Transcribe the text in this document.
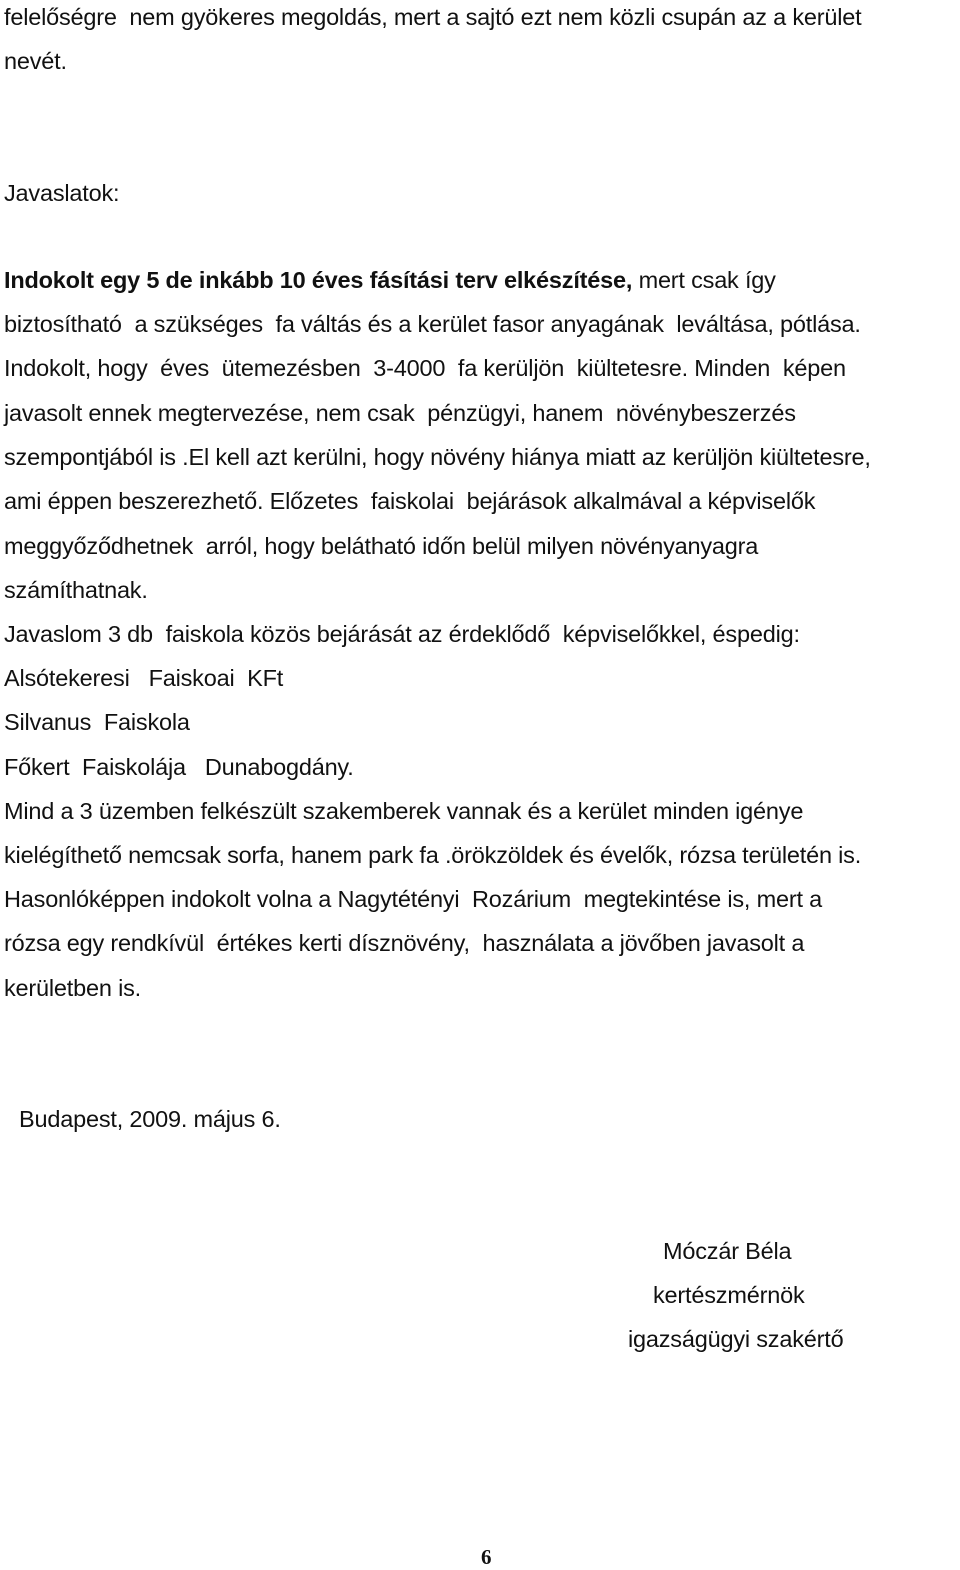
felelőségre  nem gyökeres megoldás, mert a sajtó ezt nem közli csupán az a kerület
nevét.
Javaslatok:
Indokolt egy 5 de inkább 10 éves fásítási terv elkészítése, mert csak így
biztosítható  a szükséges  fa váltás és a kerület fasor anyagának  leváltása, pótlása.
Indokolt, hogy  éves  ütemezésben  3-4000  fa kerüljön  kiültetesre. Minden  képen
javasolt ennek megtervezése, nem csak  pénzügyi, hanem  növénybeszerzés
szempontjából is .El kell azt kerülni, hogy növény hiánya miatt az kerüljön kiültetesre,
ami éppen beszerezhető. Előzetes  faiskolai  bejárások alkalmával a képviselők
meggyőződhetnek  arról, hogy belátható időn belül milyen növényanyagra
számíthatnak.
Javaslom 3 db  faiskola közös bejárását az érdeklődő  képviselőkkel, éspedig:
Alsótekeresi   Faiskoai  KFt
Silvanus  Faiskola
Főkert  Faiskolája   Dunabogdány.
Mind a 3 üzemben felkészült szakemberek vannak és a kerület minden igénye
kielégíthető nemcsak sorfa, hanem park fa .örökzöldek és évelők, rózsa területén is.
Hasonlóképpen indokolt volna a Nagytétényi  Rozárium  megtekintése is, mert a
rózsa egy rendkívül  értékes kerti dísznövény,  használata a jövőben javasolt a
kerületben is.
Budapest, 2009. május 6.
Móczár Béla
kertészmérnök
igazságügyi szakértő
6
